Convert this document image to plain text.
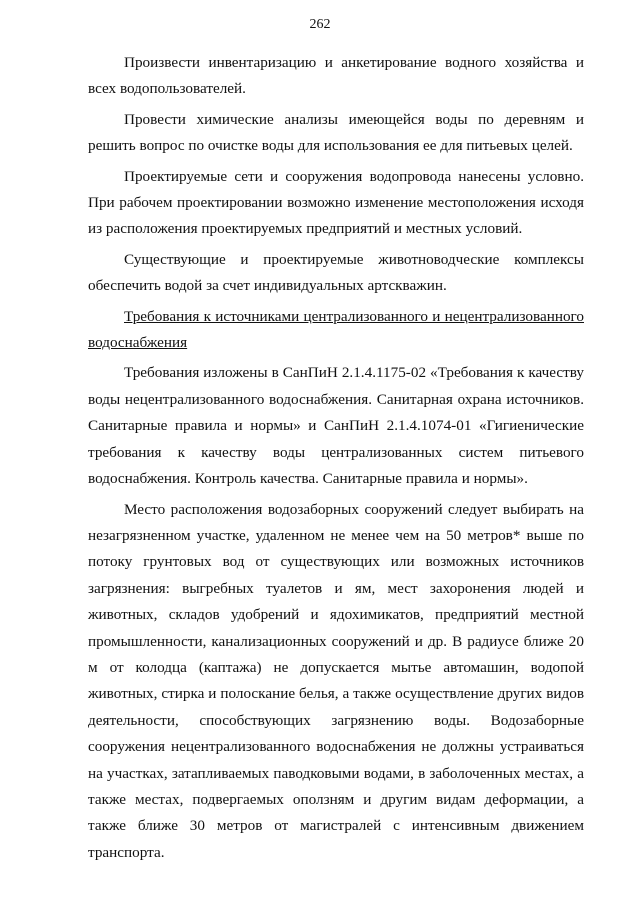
262

Произвести инвентаризацию и анкетирование водного хозяйства и всех водопользователей.

Провести химические анализы имеющейся воды по деревням и решить вопрос по очистке воды для использования ее для питьевых целей.

Проектируемые сети и сооружения водопровода нанесены условно. При рабочем проектировании возможно изменение местоположения исходя из расположения проектируемых предприятий и местных условий.

Существующие и проектируемые животноводческие комплексы обеспечить водой за счет индивидуальных артскважин.

Требования к источниками централизованного и нецентрализованного водоснабжения

Требования изложены в СанПиН 2.1.4.1175-02 «Требования к качеству воды нецентрализованного водоснабжения. Санитарная охрана источников. Санитарные правила и нормы» и СанПиН 2.1.4.1074-01 «Гигиенические требования к качеству воды централизованных систем питьевого водоснабжения. Контроль качества. Санитарные правила и нормы».

Место расположения водозаборных сооружений следует выбирать на незагрязненном участке, удаленном не менее чем на 50 метров* выше по потоку грунтовых вод от существующих или возможных источников загрязнения: выгребных туалетов и ям, мест захоронения людей и животных, складов удобрений и ядохимикатов, предприятий местной промышленности, канализационных сооружений и др. В радиусе ближе 20 м от колодца (каптажа) не допускается мытье автомашин, водопой животных, стирка и полоскание белья, а также осуществление других видов деятельности, способствующих загрязнению воды. Водозаборные сооружения нецентрализованного водоснабжения не должны устраиваться на участках, затапливаемых паводковыми водами, в заболоченных местах, а также местах, подвергаемых оползням и другим видам деформации, а также ближе 30 метров от магистралей с интенсивным движением транспорта.
